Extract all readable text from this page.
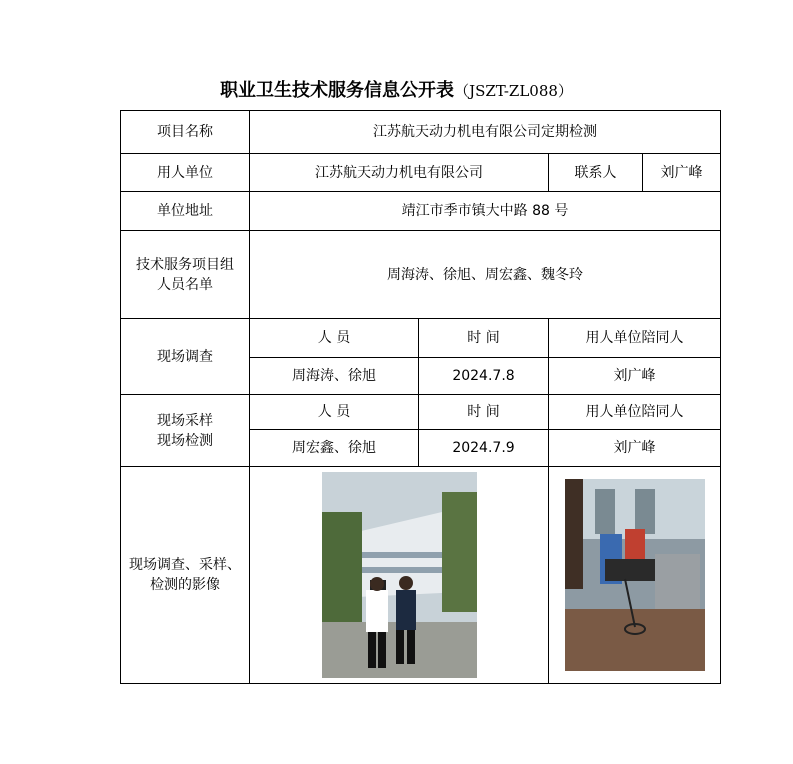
职业卫生技术服务信息公开表（JSZT-ZL088）
项目名称	江苏航天动力机电有限公司定期检测			
用人单位	江苏航天动力机电有限公司		联系人	刘广峰
单位地址	靖江市季市镇大中路 88 号			

技术服务项目组
人员名单	周海涛、徐旭、周宏鑫、魏冬玲			
现场调查	人 员	时 间	用人单位陪同人	
	周海涛、徐旭	2024.7.8	刘广峰	

现场采样
现场检测	人 员	时 间	用人单位陪同人	
	周宏鑫、徐旭	2024.7.9	刘广峰	

现场调查、采样、
检测的影像
